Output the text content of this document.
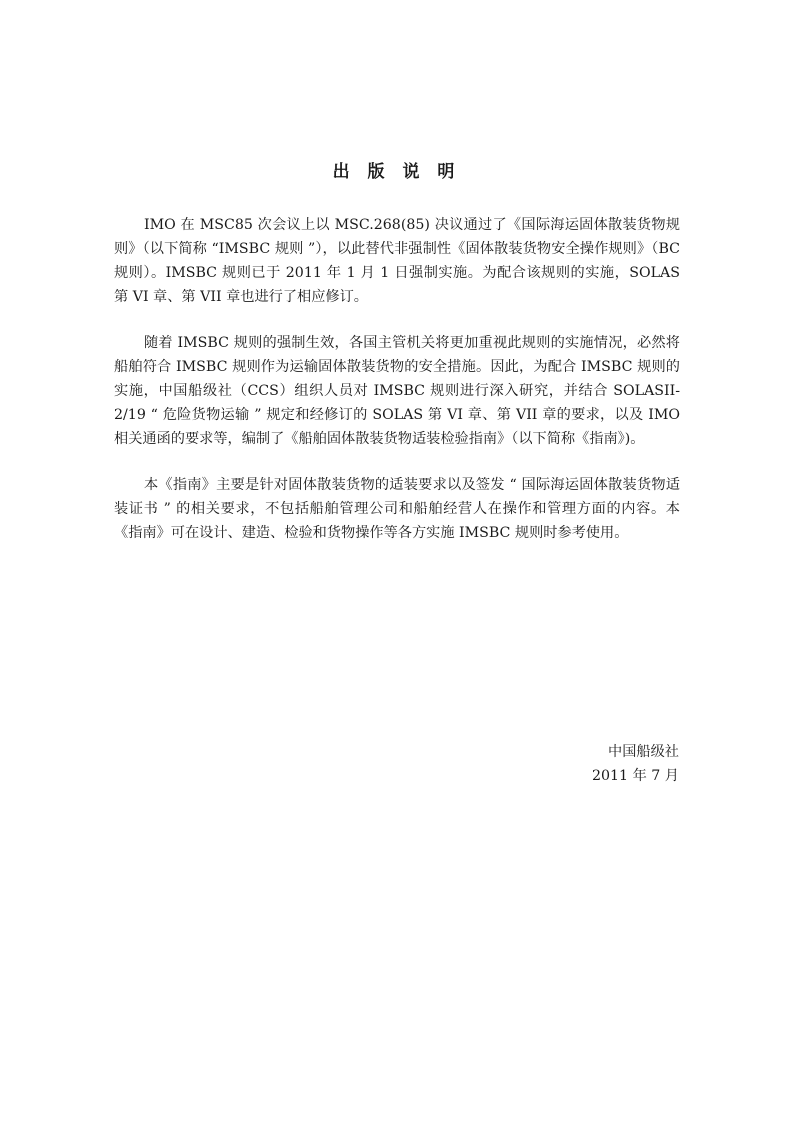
出 版 说 明

IMO 在 MSC85 次会议上以 MSC.268(85) 决议通过了《国际海运固体散装货物规则》（以下简称 “IMSBC 规则 ”），以此替代非强制性《固体散装货物安全操作规则》（BC 规则）。IMSBC 规则已于 2011 年 1 月 1 日强制实施。为配合该规则的实施，SOLAS 第 VI 章、第 VII 章也进行了相应修订。

随着 IMSBC 规则的强制生效，各国主管机关将更加重视此规则的实施情况，必然将船舶符合 IMSBC 规则作为运输固体散装货物的安全措施。因此，为配合 IMSBC 规则的实施，中国船级社（CCS）组织人员对 IMSBC 规则进行深入研究，并结合 SOLASII-2/19 “ 危险货物运输 ” 规定和经修订的 SOLAS 第 VI 章、第 VII 章的要求，以及 IMO 相关通函的要求等，编制了《船舶固体散装货物适装检验指南》（以下简称《指南》)。

本《指南》主要是针对固体散装货物的适装要求以及签发 “ 国际海运固体散装货物适装证书 ” 的相关要求，不包括船舶管理公司和船舶经营人在操作和管理方面的内容。本《指南》可在设计、建造、检验和货物操作等各方实施 IMSBC 规则时参考使用。

中国船级社
2011 年 7 月
